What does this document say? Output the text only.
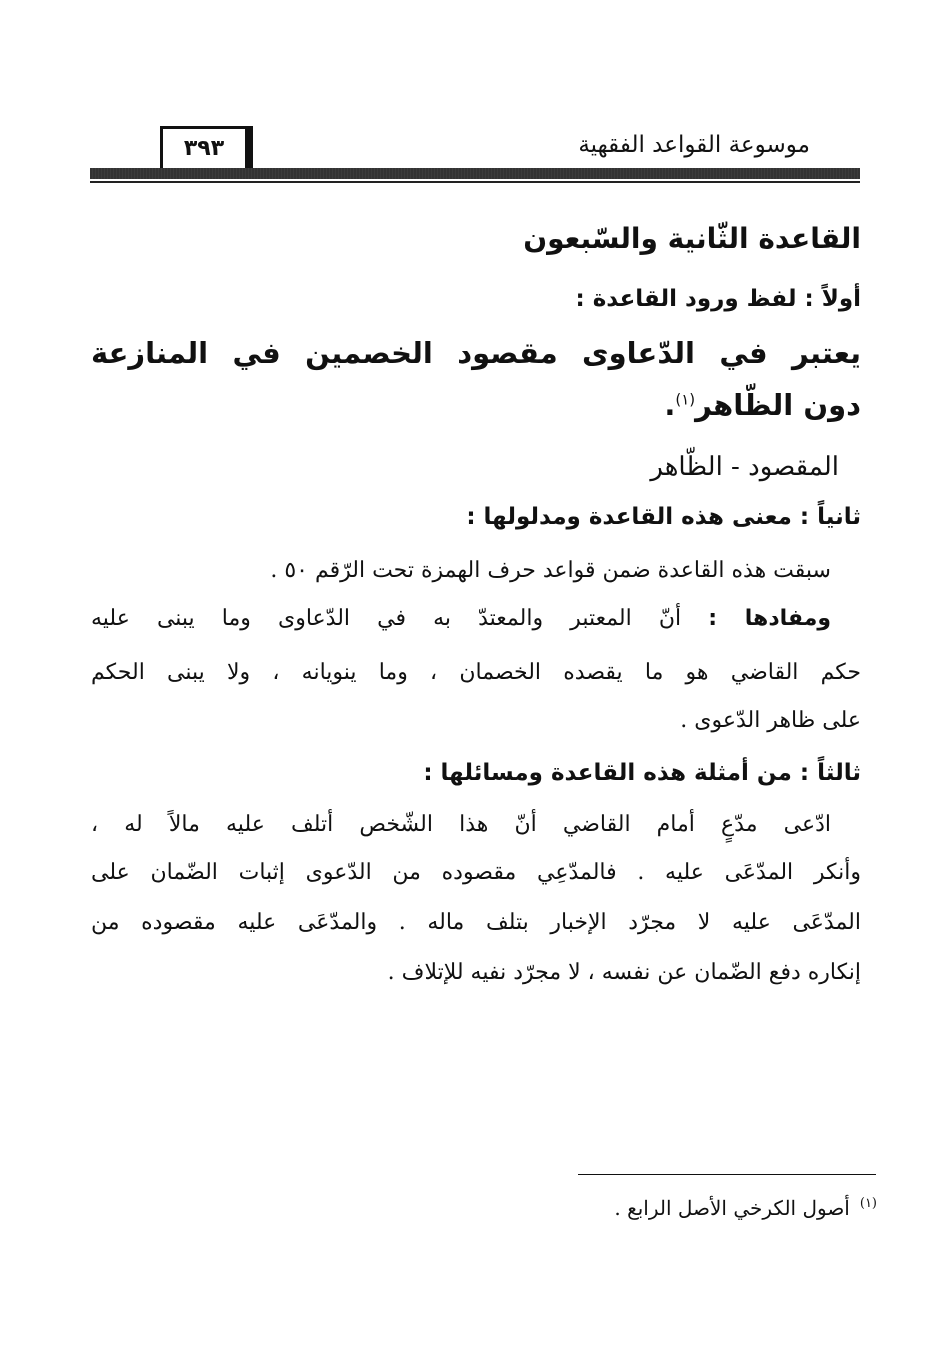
موسوعة القواعد الفقهية
٣٩٣
القاعدة الثّانية والسّبعون
أولاً : لفظ ورود القاعدة :
يعتبر في الدّعاوى مقصود الخصمين في المنازعة
دون الظّاهر$^{(١)}$.
المقصود - الظّاهر
ثانياً : معنى هذه القاعدة ومدلولها :
سبقت هذه القاعدة ضمن قواعد حرف الهمزة تحت الرّقم ٥٠ .
ومفادها : أنّ المعتبر والمعتدّ به في الدّعاوى وما يبنى عليه
حكم القاضي هو ما يقصده الخصمان ، وما ينويانه ، ولا يبنى الحكم
على ظاهر الدّعوى .
ثالثاً : من أمثلة هذه القاعدة ومسائلها :
ادّعى مدّعٍ أمام القاضي أنّ هذا الشّخص أتلف عليه مالاً له ،
وأنكر المدّعَى عليه . فالمدّعِي مقصوده من الدّعوى إثبات الضّمان على
المدّعَى عليه لا مجرّد الإخبار بتلف ماله . والمدّعَى عليه مقصوده من
إنكاره دفع الضّمان عن نفسه ، لا مجرّد نفيه للإتلاف .
$^{(١)}$أصول الكرخي الأصل الرابع .
